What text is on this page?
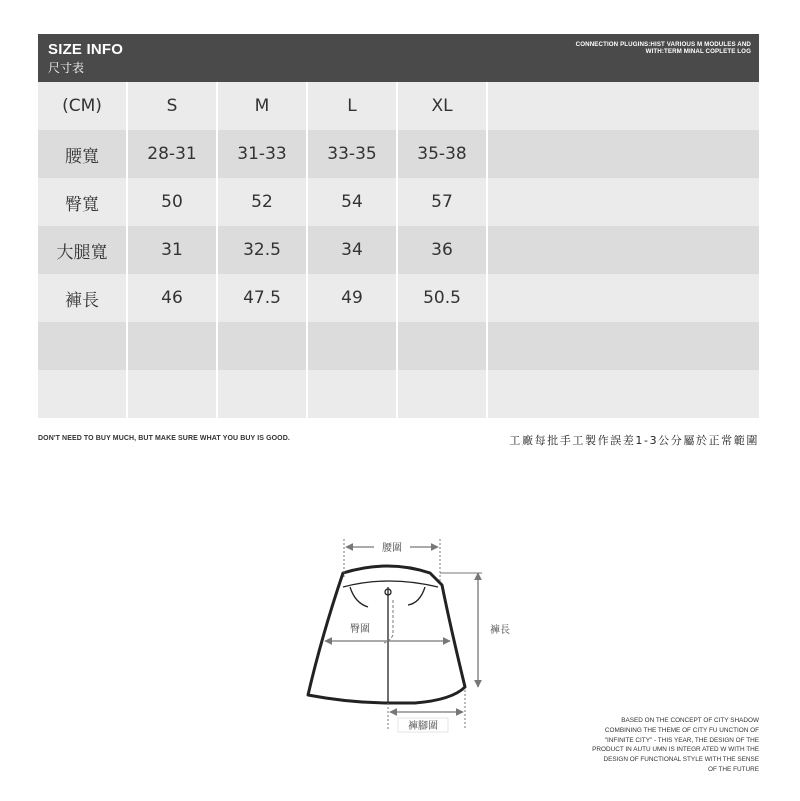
SIZE INFO
尺寸表
CONNECTION PLUGINS:HIST VARIOUS M MODULES AND
WITH:TERM MINAL COPLETE LOG
(CM)	S	M	L	XL	
腰寬	28-31	31-33	33-35	35-38	
臀寬	50	52	54	57	
大腿寬	31	32.5	34	36	
褲長	46	47.5	49	50.5	

DON'T NEED TO BUY MUCH, BUT MAKE SURE WHAT YOU BUY IS GOOD.	工廠每批手工製作誤差1-3公分屬於正常範圍
腰圍
臀圍	褲長
褲腳圍
BASED ON THE CONCEPT OF CITY SHADOW
COMBINING THE THEME OF CITY FU UNCTION OF
"INFINITE CITY" - THIS YEAR, THE DESIGN OF THE
PRODUCT IN AUTU UMN IS INTEGR ATED W WITH THE
DESIGN OF FUNCTIONAL STYLE WITH THE SENSE
OF THE FUTURE
